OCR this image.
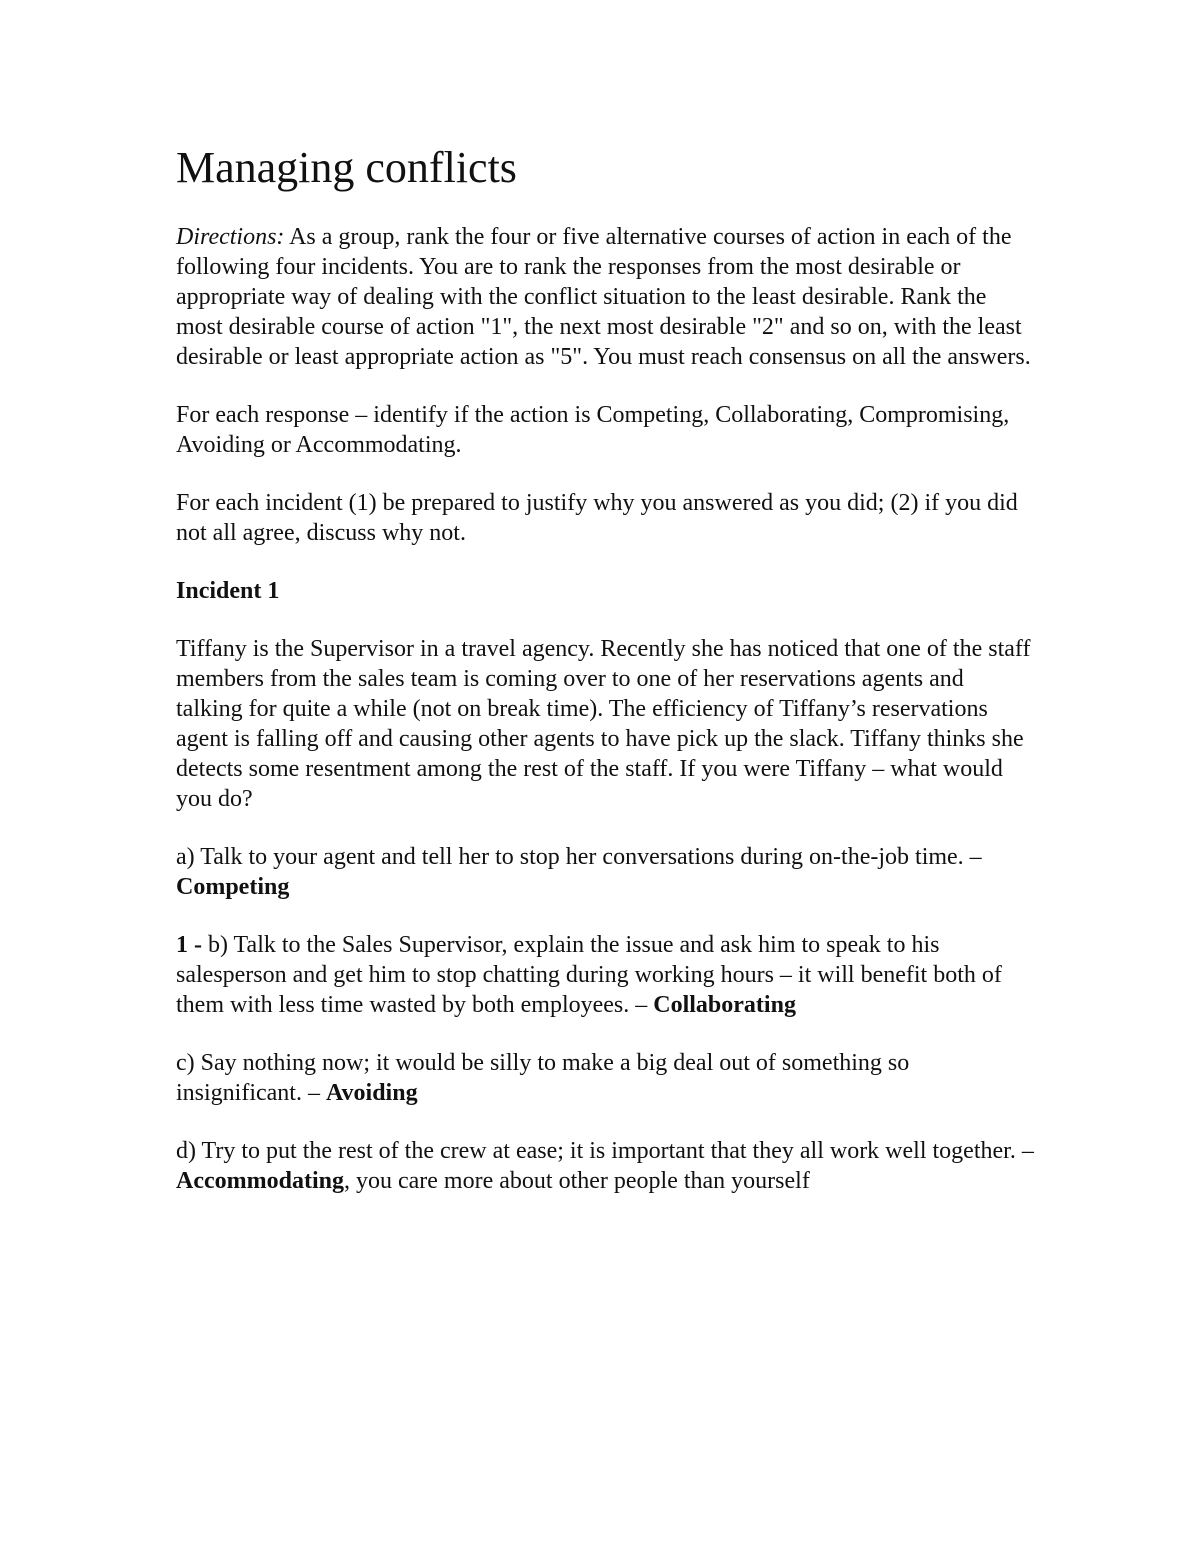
Managing conflicts

Directions: As a group, rank the four or five alternative courses of action in each of the following four incidents. You are to rank the responses from the most desirable or appropriate way of dealing with the conflict situation to the least desirable. Rank the most desirable course of action "1", the next most desirable "2" and so on, with the least desirable or least appropriate action as "5". You must reach consensus on all the answers.

For each response – identify if the action is Competing, Collaborating, Compromising, Avoiding or Accommodating.

For each incident (1) be prepared to justify why you answered as you did; (2) if you did not all agree, discuss why not.

Incident 1

Tiffany is the Supervisor in a travel agency. Recently she has noticed that one of the staff members from the sales team is coming over to one of her reservations agents and talking for quite a while (not on break time). The efficiency of Tiffany’s reservations agent is falling off and causing other agents to have pick up the slack. Tiffany thinks she detects some resentment among the rest of the staff. If you were Tiffany – what would you do?

a) Talk to your agent and tell her to stop her conversations during on-the-job time. – Competing

1 - b) Talk to the Sales Supervisor, explain the issue and ask him to speak to his salesperson and get him to stop chatting during working hours – it will benefit both of them with less time wasted by both employees. – Collaborating

c) Say nothing now; it would be silly to make a big deal out of something so insignificant. – Avoiding

d) Try to put the rest of the crew at ease; it is important that they all work well together. – Accommodating, you care more about other people than yourself
